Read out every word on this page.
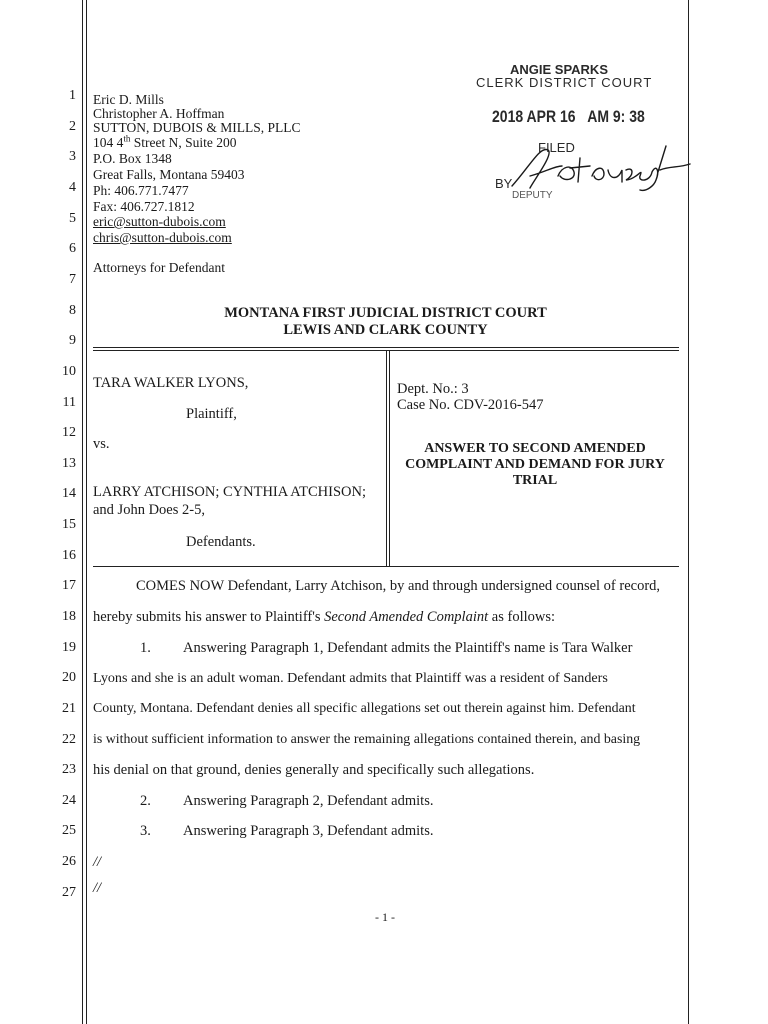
1
2
3
4
5
6
7
8
9
10
11
12
13
14
15
16
17
18
19
20
21
22
23
24
25
26
27
Eric D. Mills
Christopher A. Hoffman
SUTTON, DUBOIS & MILLS, PLLC
104 4th Street N, Suite 200
P.O. Box 1348
Great Falls, Montana 59403
Ph: 406.771.7477
Fax: 406.727.1812
eric@sutton-dubois.com
chris@sutton-dubois.com
Attorneys for Defendant
ANGIE SPARKS
CLERK DISTRICT COURT
2018 APR 16 AM 9: 38
FILED
BY
DEPUTY
MONTANA FIRST JUDICIAL DISTRICT COURT
LEWIS AND CLARK COUNTY
TARA WALKER LYONS,
Plaintiff,
vs.
LARRY ATCHISON; CYNTHIA ATCHISON;
and John Does 2-5,
Defendants.
Dept. No.: 3
Case No. CDV-2016-547
ANSWER TO SECOND AMENDED
COMPLAINT AND DEMAND FOR JURY
TRIAL
COMES NOW Defendant, Larry Atchison, by and through undersigned counsel of record,
hereby submits his answer to Plaintiff's Second Amended Complaint as follows:
1. Answering Paragraph 1, Defendant admits the Plaintiff's name is Tara Walker
Lyons and she is an adult woman. Defendant admits that Plaintiff was a resident of Sanders
County, Montana. Defendant denies all specific allegations set out therein against him. Defendant
is without sufficient information to answer the remaining allegations contained therein, and basing
his denial on that ground, denies generally and specifically such allegations.
2. Answering Paragraph 2, Defendant admits.
3. Answering Paragraph 3, Defendant admits.
//
//
- 1 -
